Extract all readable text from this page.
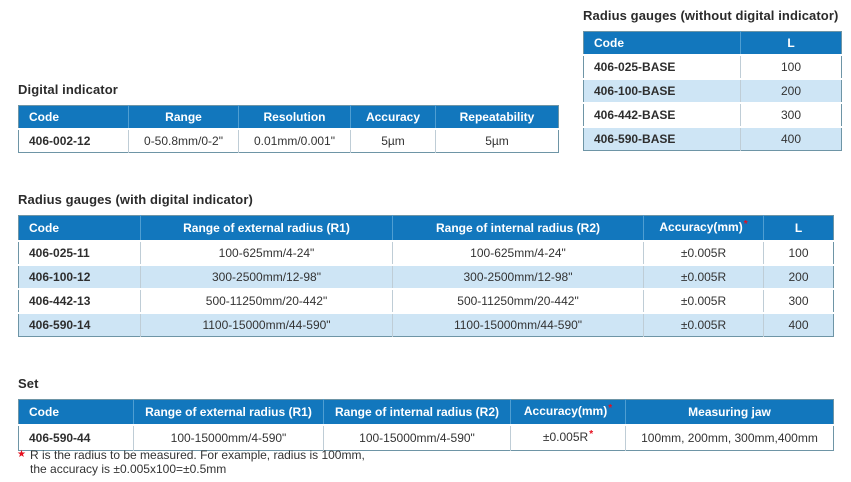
Radius gauges (without digital indicator)
Code	L
406-025-BASE	100
406-100-BASE	200
406-442-BASE	300
406-590-BASE	400
Digital indicator
Code	Range	Resolution	Accuracy	Repeatability
406-002-12	0-50.8mm/0-2"	0.01mm/0.001"	5µm	5µm
Radius gauges (with digital indicator)
Code	Range of external radius (R1)	Range of internal radius (R2)	Accuracy(mm)*	L
406-025-11	100-625mm/4-24"	100-625mm/4-24"	±0.005R	100
406-100-12	300-2500mm/12-98"	300-2500mm/12-98"	±0.005R	200
406-442-13	500-11250mm/20-442"	500-11250mm/20-442"	±0.005R	300
406-590-14	1100-15000mm/44-590"	1100-15000mm/44-590"	±0.005R	400
Set
Code	Range of external radius (R1)	Range of internal radius (R2)	Accuracy(mm)*	Measuring jaw
406-590-44	100-15000mm/4-590"	100-15000mm/4-590"	±0.005R*	100mm, 200mm, 300mm,400mm
★ R is the radius to be measured. For example, radius is 100mm,
the accuracy is ±0.005x100=±0.5mm
